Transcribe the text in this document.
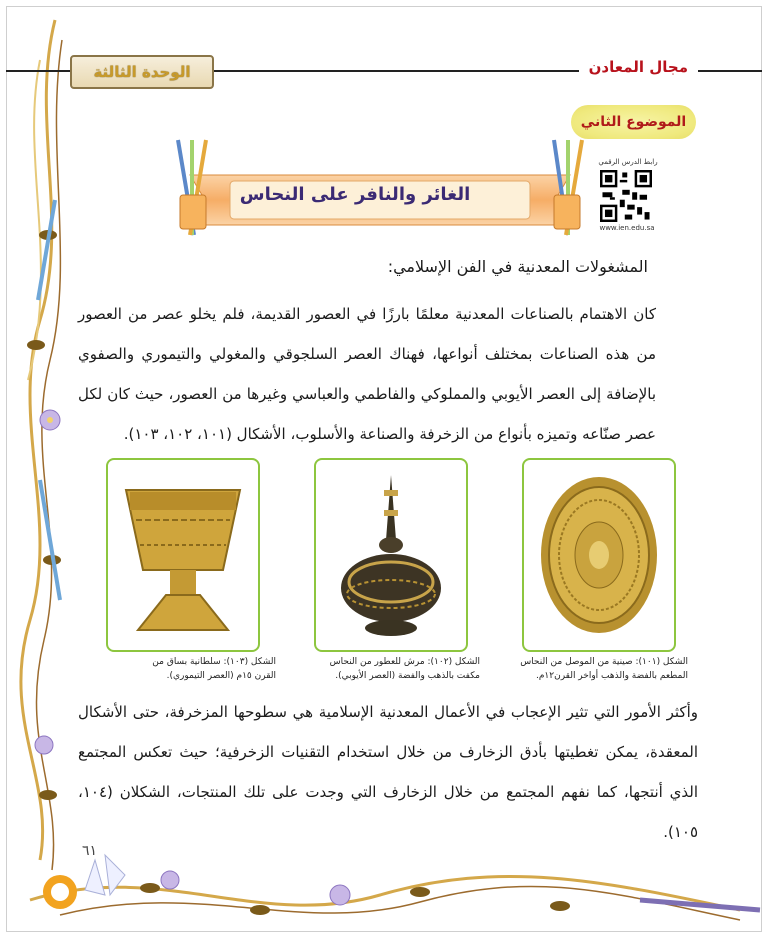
الوحدة الثالثة	مجال المعادن
الموضوع الثاني
رابط الدرس الرقمي
www.ien.edu.sa
الغائر والنافر على النحاس
المشغولات المعدنية في الفن الإسلامي:
كان الاهتمام بالصناعات المعدنية معلمًا بارزًا في العصور القديمة، فلم يخلو عصر من العصور من هذه الصناعات بمختلف أنواعها، فهناك العصر السلجوقي والمغولي والتيموري والصفوي بالإضافة إلى العصر الأيوبي والمملوكي والفاطمي والعباسي وغيرها من العصور، حيث كان لكل عصر صنّاعه وتميزه بأنواع من الزخرفة والصناعة والأسلوب، الأشكال (١٠١، ١٠٢، ١٠٣).
الشكل (١٠١): صينية من الموصل من النحاس
المطعم بالفضة والذهب أواخر القرن١٢م.
الشكل (١٠٢): مرش للعطور من النحاس
مكفت بالذهب والفضة (العصر الأيوبي).
الشكل (١٠٣): سلطانية بساق من
القرن ١٥م (العصر التيموري).
وأكثر الأمور التي تثير الإعجاب في الأعمال المعدنية الإسلامية هي سطوحها المزخرفة، حتى الأشكال المعقدة، يمكن تغطيتها بأدق الزخارف من خلال استخدام التقنيات الزخرفية؛ حيث تعكس المجتمع الذي أنتجها، كما نفهم المجتمع من خلال الزخارف التي وجدت على تلك المنتجات، الشكلان (١٠٤، ١٠٥).
٦١
